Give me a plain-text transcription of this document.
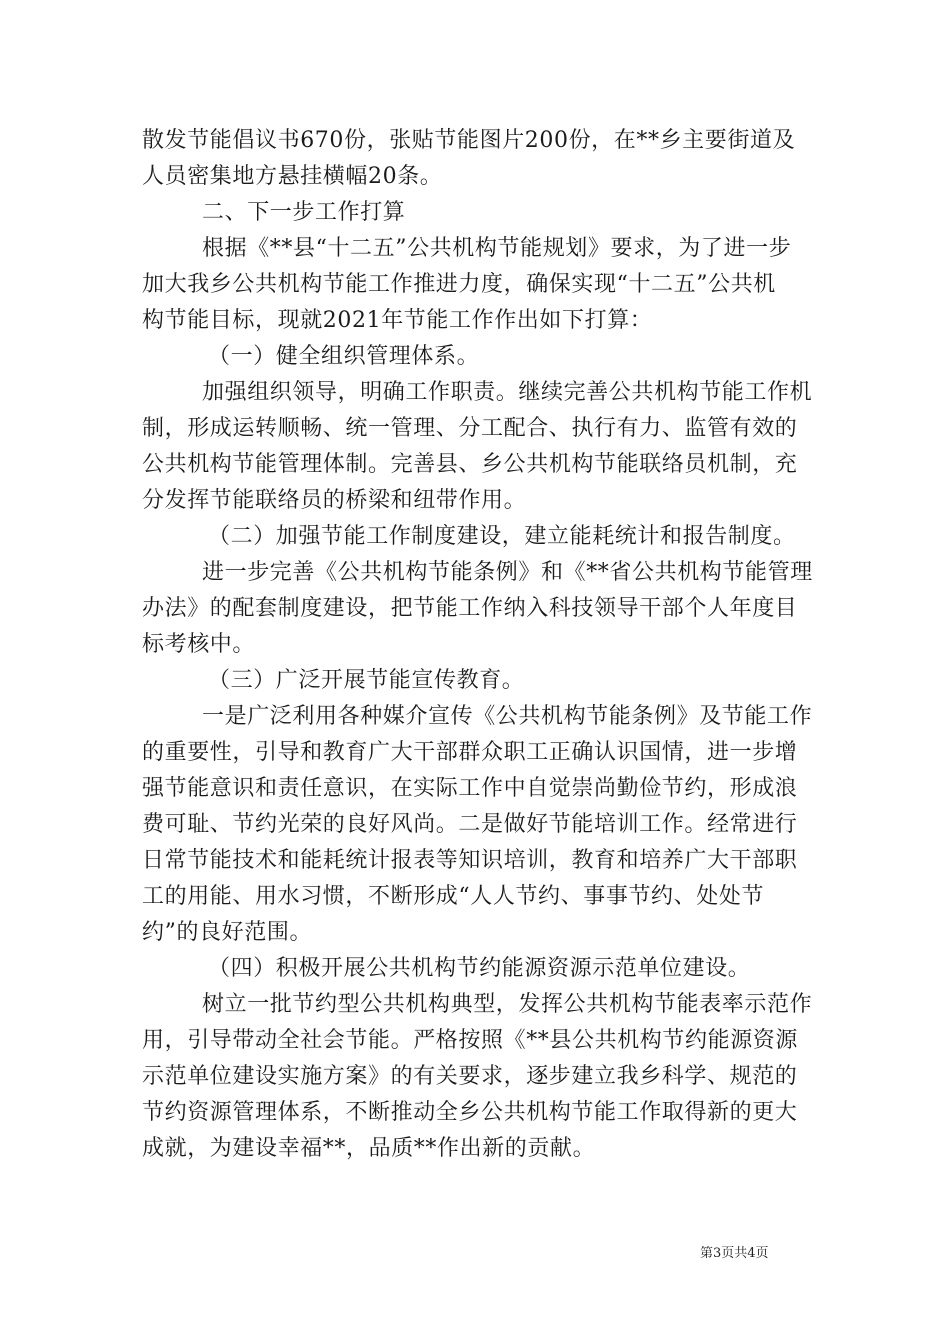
散发节能倡议书670份，张贴节能图片200份，在**乡主要街道及
人员密集地方悬挂横幅20条。
二、下一步工作打算
根据《**县“十二五”公共机构节能规划》要求，为了进一步
加大我乡公共机构节能工作推进力度，确保实现“十二五”公共机
构节能目标，现就2021年节能工作作出如下打算：
（一）健全组织管理体系。
加强组织领导，明确工作职责。继续完善公共机构节能工作机
制，形成运转顺畅、统一管理、分工配合、执行有力、监管有效的
公共机构节能管理体制。完善县、乡公共机构节能联络员机制，充
分发挥节能联络员的桥梁和纽带作用。
（二）加强节能工作制度建设，建立能耗统计和报告制度。
进一步完善《公共机构节能条例》和《**省公共机构节能管理
办法》的配套制度建设，把节能工作纳入科技领导干部个人年度目
标考核中。
（三）广泛开展节能宣传教育。
一是广泛利用各种媒介宣传《公共机构节能条例》及节能工作
的重要性，引导和教育广大干部群众职工正确认识国情，进一步增
强节能意识和责任意识，在实际工作中自觉崇尚勤俭节约，形成浪
费可耻、节约光荣的良好风尚。二是做好节能培训工作。经常进行
日常节能技术和能耗统计报表等知识培训，教育和培养广大干部职
工的用能、用水习惯，不断形成“人人节约、事事节约、处处节
约”的良好范围。
（四）积极开展公共机构节约能源资源示范单位建设。
树立一批节约型公共机构典型，发挥公共机构节能表率示范作
用，引导带动全社会节能。严格按照《**县公共机构节约能源资源
示范单位建设实施方案》的有关要求，逐步建立我乡科学、规范的
节约资源管理体系，不断推动全乡公共机构节能工作取得新的更大
成就，为建设幸福**，品质**作出新的贡献。
第3页共4页
